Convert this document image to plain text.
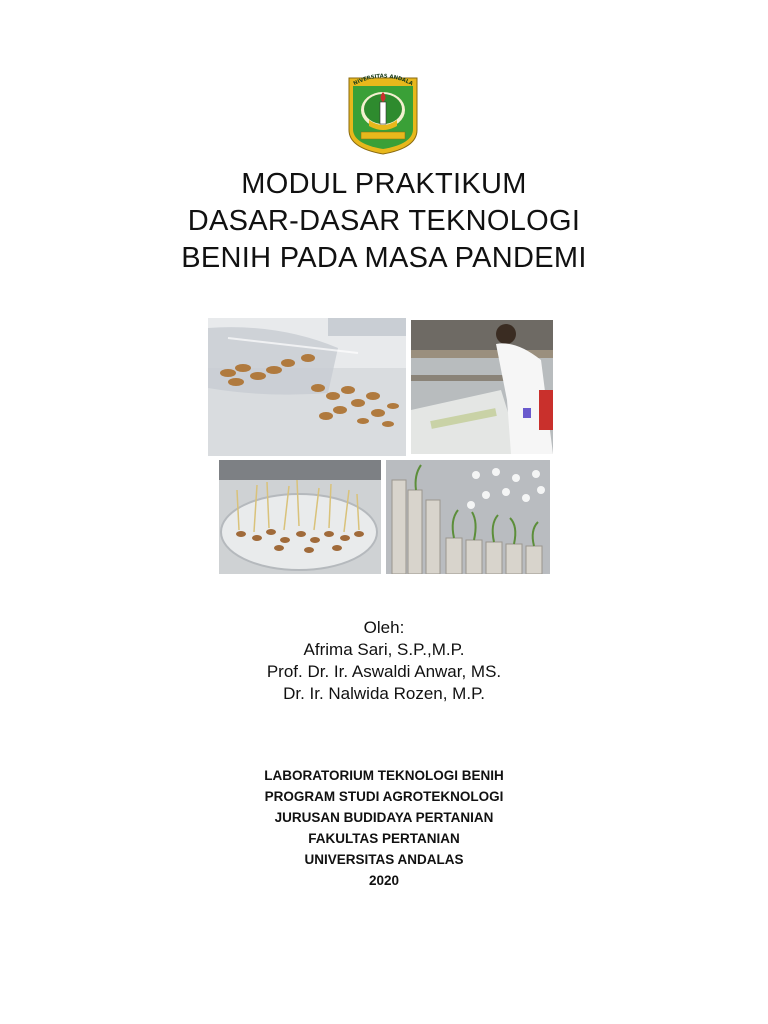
NIVERSITAS ANDALA
MODUL PRAKTIKUM
DASAR-DASAR TEKNOLOGI
BENIH PADA MASA PANDEMI
Oleh:
Afrima Sari, S.P.,M.P.
Prof. Dr. Ir. Aswaldi Anwar, MS.
Dr. Ir. Nalwida Rozen, M.P.
LABORATORIUM TEKNOLOGI BENIH
PROGRAM STUDI AGROTEKNOLOGI
JURUSAN BUDIDAYA PERTANIAN
FAKULTAS PERTANIAN
UNIVERSITAS ANDALAS
2020
